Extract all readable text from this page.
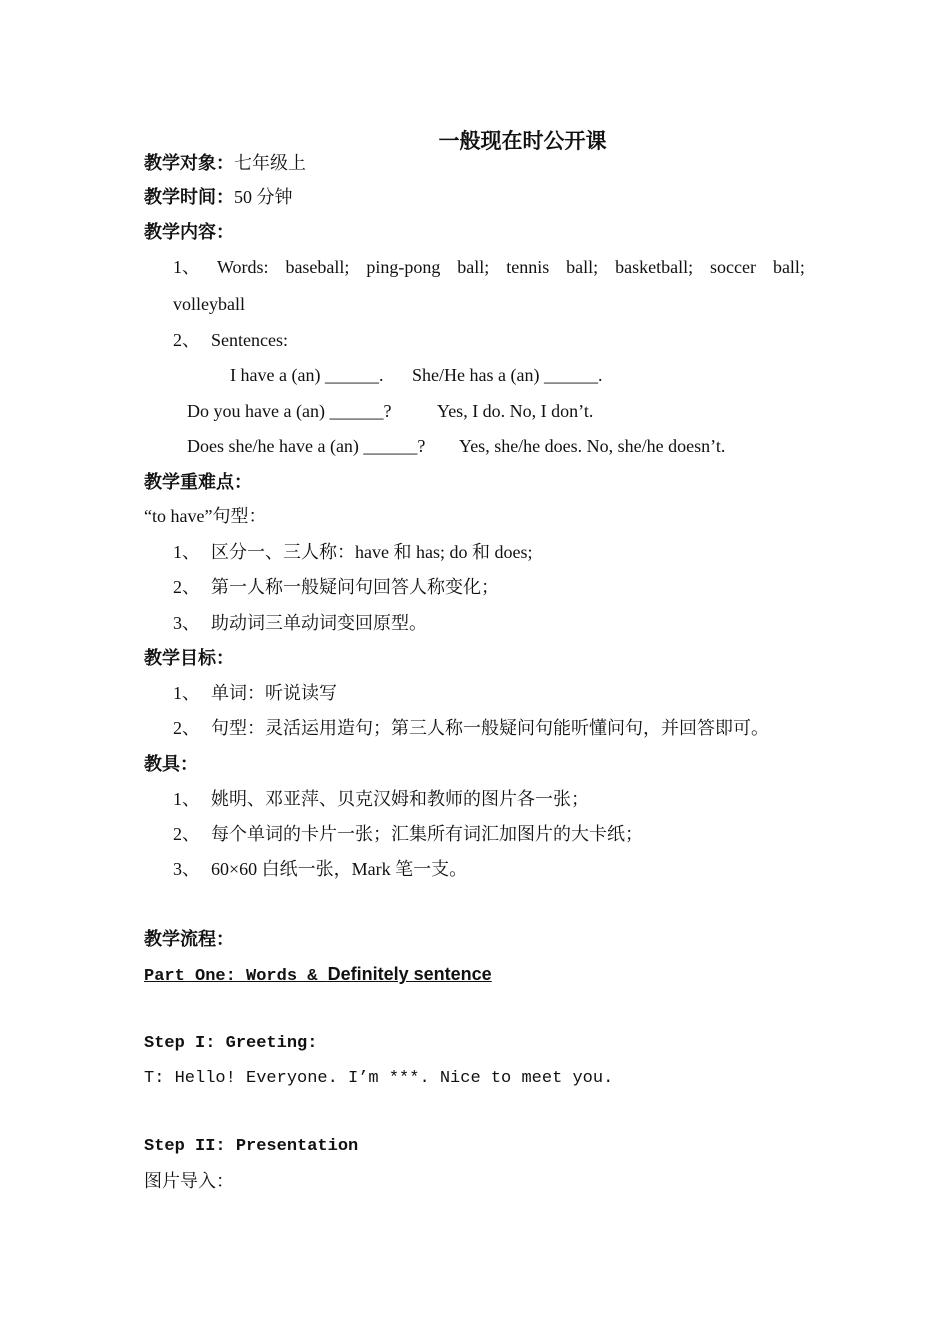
一般现在时公开课
教学对象：七年级上
教学时间：50 分钟
教学内容：
1、 Words: baseball; ping-pong ball; tennis ball; basketball; soccer ball;
volleyball
2、 Sentences:
I have a (an) ______. She/He has a (an) ______.
Do you have a (an) ______?	Yes, I do. No, I don’t.
Does she/he have a (an) ______? Yes, she/he does. No, she/he doesn’t.
教学重难点：
“to have”句型：
1、 区分一、三人称：have 和 has; do 和 does;
2、 第一人称一般疑问句回答人称变化；
3、 助动词三单动词变回原型。
教学目标：
1、 单词：听说读写
2、 句型：灵活运用造句；第三人称一般疑问句能听懂问句，并回答即可。
教具：
1、 姚明、邓亚萍、贝克汉姆和教师的图片各一张；
2、 每个单词的卡片一张；汇集所有词汇加图片的大卡纸；
3、 60×60 白纸一张，Mark 笔一支。
教学流程：
Part One: Words & Definitely sentence
Step I: Greeting:
T: Hello! Everyone. I’m ***. Nice to meet you.
Step II: Presentation
图片导入：
